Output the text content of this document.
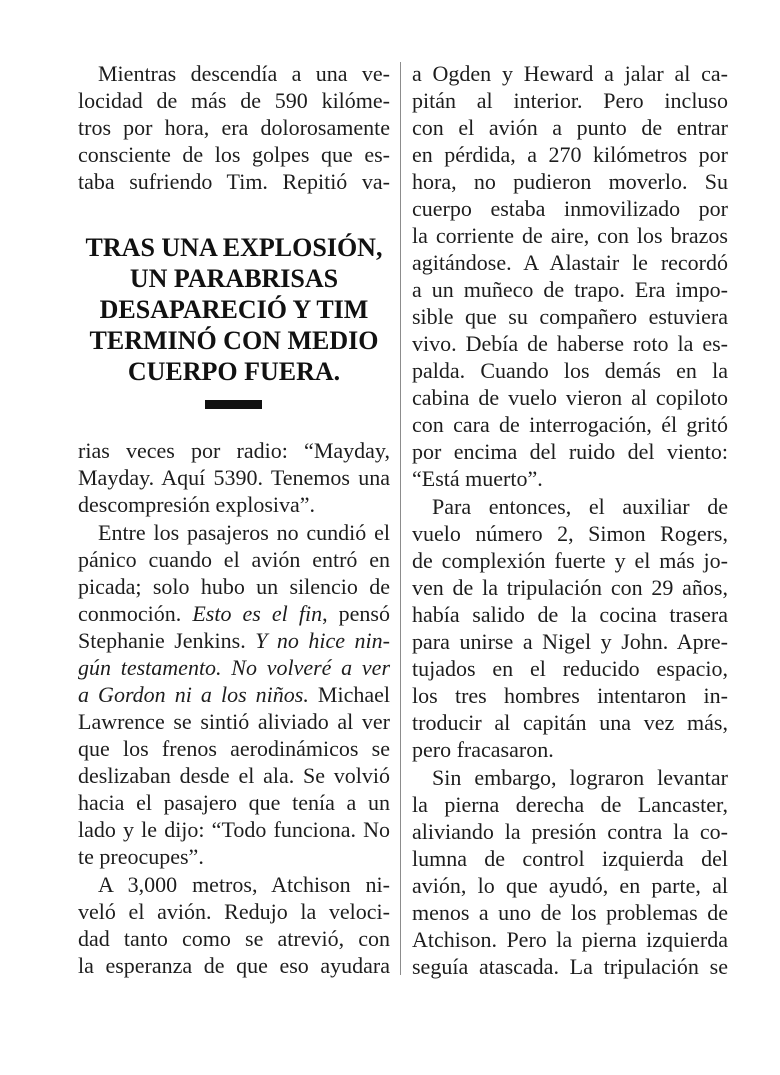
Mientras descendía a una ve-
locidad de más de 590 kilóme-
tros por hora, era dolorosamente
consciente de los golpes que es-
taba sufriendo Tim. Repitió va-
TRAS UNA EXPLOSIÓN,
UN PARABRISAS
DESAPARECIÓ Y TIM
TERMINÓ CON MEDIO
CUERPO FUERA.
rias veces por radio: “Mayday,
Mayday. Aquí 5390. Tenemos una
descompresión explosiva”.
Entre los pasajeros no cundió el
pánico cuando el avión entró en
picada; solo hubo un silencio de
conmoción. Esto es el fin, pensó
Stephanie Jenkins. Y no hice nin-
gún testamento. No volveré a ver
a Gordon ni a los niños. Michael
Lawrence se sintió aliviado al ver
que los frenos aerodinámicos se
deslizaban desde el ala. Se volvió
hacia el pasajero que tenía a un
lado y le dijo: “Todo funciona. No
te preocupes”.
A 3,000 metros, Atchison ni-
veló el avión. Redujo la veloci-
dad tanto como se atrevió, con
la esperanza de que eso ayudara
a Ogden y Heward a jalar al ca-
pitán al interior. Pero incluso
con el avión a punto de entrar
en pérdida, a 270 kilómetros por
hora, no pudieron moverlo. Su
cuerpo estaba inmovilizado por
la corriente de aire, con los brazos
agitándose. A Alastair le recordó
a un muñeco de trapo. Era impo-
sible que su compañero estuviera
vivo. Debía de haberse roto la es-
palda. Cuando los demás en la
cabina de vuelo vieron al copiloto
con cara de interrogación, él gritó
por encima del ruido del viento:
“Está muerto”.
Para entonces, el auxiliar de
vuelo número 2, Simon Rogers,
de complexión fuerte y el más jo-
ven de la tripulación con 29 años,
había salido de la cocina trasera
para unirse a Nigel y John. Apre-
tujados en el reducido espacio,
los tres hombres intentaron in-
troducir al capitán una vez más,
pero fracasaron.
Sin embargo, lograron levantar
la pierna derecha de Lancaster,
aliviando la presión contra la co-
lumna de control izquierda del
avión, lo que ayudó, en parte, al
menos a uno de los problemas de
Atchison. Pero la pierna izquierda
seguía atascada. La tripulación se
